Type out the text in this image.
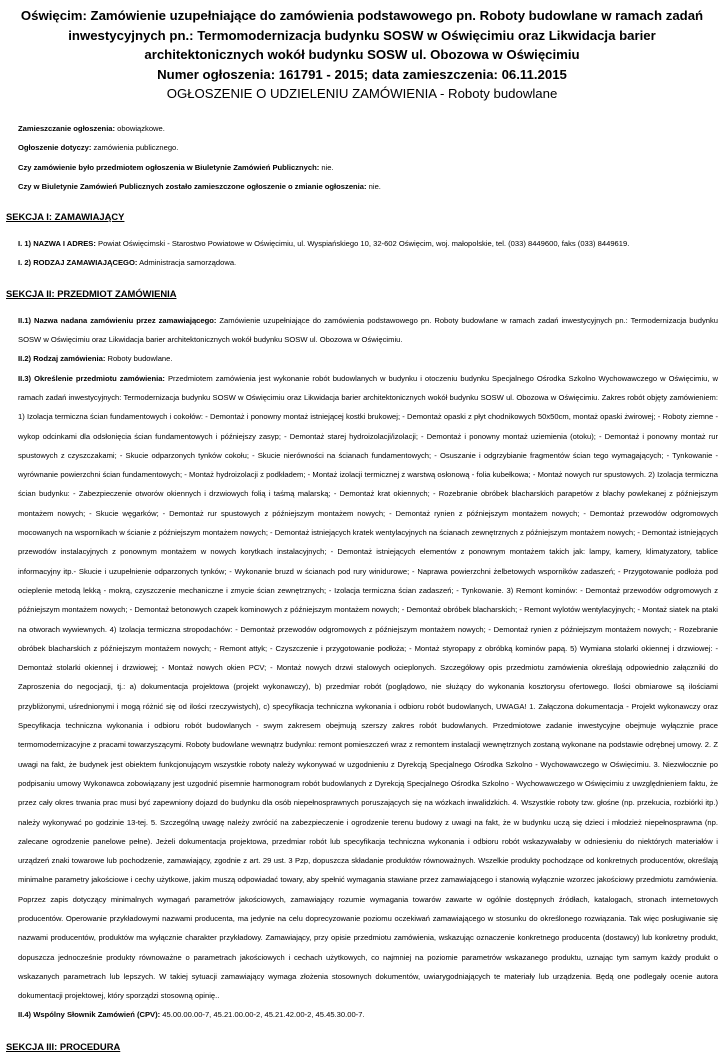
Oświęcim: Zamówienie uzupełniające do zamówienia podstawowego pn. Roboty budowlane w ramach zadań inwestycyjnych pn.: Termomodernizacja budynku SOSW w Oświęcimiu oraz Likwidacja barier architektonicznych wokół budynku SOSW ul. Obozowa w Oświęcimiu
Numer ogłoszenia: 161791 - 2015; data zamieszczenia: 06.11.2015
OGŁOSZENIE O UDZIELENIU ZAMÓWIENIA - Roboty budowlane
Zamieszczanie ogłoszenia: obowiązkowe.
Ogłoszenie dotyczy: zamówienia publicznego.
Czy zamówienie było przedmiotem ogłoszenia w Biuletynie Zamówień Publicznych: nie.
Czy w Biuletynie Zamówień Publicznych zostało zamieszczone ogłoszenie o zmianie ogłoszenia: nie.
SEKCJA I: ZAMAWIAJĄCY
I. 1) NAZWA I ADRES: Powiat Oświęcimski - Starostwo Powiatowe w Oświęcimiu, ul. Wyspiańskiego 10, 32-602 Oświęcim, woj. małopolskie, tel. (033) 8449600, faks (033) 8449619.
I. 2) RODZAJ ZAMAWIAJĄCEGO: Administracja samorządowa.
SEKCJA II: PRZEDMIOT ZAMÓWIENIA
II.1) Nazwa nadana zamówieniu przez zamawiającego: Zamówienie uzupełniające do zamówienia podstawowego pn. Roboty budowlane w ramach zadań inwestycyjnych pn.: Termodernizacja budynku SOSW w Oświęcimiu oraz Likwidacja barier architektonicznych wokół budynku SOSW ul. Obozowa w Oświęcimiu.
II.2) Rodzaj zamówienia: Roboty budowlane.
II.3) Określenie przedmiotu zamówienia: Przedmiotem zamówienia jest wykonanie robót budowlanych w budynku i otoczeniu budynku Specjalnego Ośrodka Szkolno Wychowawczego w Oświęcimiu, w ramach zadań inwestycyjnych: Termodernizacja budynku SOSW w Oświęcimiu oraz Likwidacja barier architektonicznych wokół budynku SOSW ul. Obozowa w Oświęcimiu. Zakres robót objęty zamówieniem: 1) Izolacja termiczna ścian fundamentowych i cokołów: - Demontaż i ponowny montaż istniejącej kostki brukowej; - Demontaż opaski z płyt chodnikowych 50x50cm, montaż opaski żwirowej; - Roboty ziemne - wykop odcinkami dla odsłonięcia ścian fundamentowych i późniejszy zasyp; - Demontaż starej hydroizolacji/izolacji; - Demontaż i ponowny montaż uziemienia (otoku); - Demontaż i ponowny montaż rur spustowych z czyszczakami; - Skucie odparzonych tynków cokołu; - Skucie nierówności na ścianach fundamentowych; - Osuszanie i odgrzybianie fragmentów ścian tego wymagających; - Tynkowanie - wyrównanie powierzchni ścian fundamentowych; - Montaż hydroizolacji z podkładem; - Montaż izolacji termicznej z warstwą osłonową - folia kubełkowa; - Montaż nowych rur spustowych. 2) Izolacja termiczna ścian budynku: - Zabezpieczenie otworów okiennych i drzwiowych folią i taśmą malarską; - Demontaż krat okiennych; - Rozebranie obróbek blacharskich parapetów z blachy powlekanej z późniejszym montażem nowych; - Skucie węgarków; - Demontaż rur spustowych z późniejszym montażem nowych; - Demontaż rynien z późniejszym montażem nowych; - Demontaż przewodów odgromowych mocowanych na wspornikach w ścianie z późniejszym montażem nowych; - Demontaż istniejących kratek wentylacyjnych na ścianach zewnętrznych z późniejszym montażem nowych; - Demontaż istniejących przewodów instalacyjnych z ponownym montażem w nowych korytkach instalacyjnych; - Demontaż istniejących elementów z ponownym montażem takich jak: lampy, kamery, klimatyzatory, tablice informacyjny itp.- Skucie i uzupełnienie odparzonych tynków; - Wykonanie bruzd w ścianach pod rury winidurowe; - Naprawa powierzchni żelbetowych wsporników zadaszeń; - Przygotowanie podłoża pod ocieplenie metodą lekką - mokrą, czyszczenie mechaniczne i zmycie ścian zewnętrznych; - Izolacja termiczna ścian zadaszeń; - Tynkowanie. 3) Remont kominów: - Demontaż przewodów odgromowych z późniejszym montażem nowych; - Demontaż betonowych czapek kominowych z późniejszym montażem nowych; - Demontaż obróbek blacharskich; - Remont wylotów wentylacyjnych; - Montaż siatek na ptaki na otworach wywiewnych. 4) Izolacja termiczna stropodachów: - Demontaż przewodów odgromowych z późniejszym montażem nowych; - Demontaż rynien z późniejszym montażem nowych; - Rozebranie obróbek blacharskich z późniejszym montażem nowych; - Remont attyk; - Czyszczenie i przygotowanie podłoża; - Montaż styropapy z obróbką kominów papą. 5) Wymiana stolarki okiennej i drzwiowej: - Demontaż stolarki okiennej i drzwiowej; - Montaż nowych okien PCV; - Montaż nowych drzwi stalowych ocieplonych. Szczegółowy opis przedmiotu zamówienia określają odpowiednio załączniki do Zaproszenia do negocjacji, tj.: a) dokumentacja projektowa (projekt wykonawczy), b) przedmiar robót (poglądowo, nie służący do wykonania kosztorysu ofertowego. Ilości obmiarowe są ilościami przybliżonymi, uśrednionymi i mogą różnić się od ilości rzeczywistych), c) specyfikacja techniczna wykonania i odbioru robót budowlanych, UWAGA! 1. Załączona dokumentacja - Projekt wykonawczy oraz Specyfikacja techniczna wykonania i odbioru robót budowlanych - swym zakresem obejmują szerszy zakres robót budowlanych. Przedmiotowe zadanie inwestycyjne obejmuje wyłącznie prace termomodernizacyjne z pracami towarzyszącymi. Roboty budowlane wewnątrz budynku: remont pomieszczeń wraz z remontem instalacji wewnętrznych zostaną wykonane na podstawie odrębnej umowy. 2. Z uwagi na fakt, że budynek jest obiektem funkcjonującym wszystkie roboty należy wykonywać w uzgodnieniu z Dyrekcją Specjalnego Ośrodka Szkolno - Wychowawczego w Oświęcimiu. 3. Niezwłocznie po podpisaniu umowy Wykonawca zobowiązany jest uzgodnić pisemnie harmonogram robót budowlanych z Dyrekcją Specjalnego Ośrodka Szkolno - Wychowawczego w Oświęcimiu z uwzględnieniem faktu, że przez cały okres trwania prac musi być zapewniony dojazd do budynku dla osób niepełnosprawnych poruszających się na wózkach inwalidzkich. 4. Wszystkie roboty tzw. głośne (np. przekucia, rozbiórki itp.) należy wykonywać po godzinie 13-tej. 5. Szczególną uwagę należy zwrócić na zabezpieczenie i ogrodzenie terenu budowy z uwagi na fakt, że w budynku uczą się dzieci i młodzież niepełnosprawna (np. zalecane ogrodzenie panelowe pełne). Jeżeli dokumentacja projektowa, przedmiar robót lub specyfikacja techniczna wykonania i odbioru robót wskazywałaby w odniesieniu do niektórych materiałów i urządzeń znaki towarowe lub pochodzenie, zamawiający, zgodnie z art. 29 ust. 3 Pzp, dopuszcza składanie produktów równoważnych. Wszelkie produkty pochodzące od konkretnych producentów, określają minimalne parametry jakościowe i cechy użytkowe, jakim muszą odpowiadać towary, aby spełnić wymagania stawiane przez zamawiającego i stanowią wyłącznie wzorzec jakościowy przedmiotu zamówienia. Poprzez zapis dotyczący minimalnych wymagań parametrów jakościowych, zamawiający rozumie wymagania towarów zawarte w ogólnie dostępnych źródłach, katalogach, stronach internetowych producentów. Operowanie przykładowymi nazwami producenta, ma jedynie na celu doprecyzowanie poziomu oczekiwań zamawiającego w stosunku do określonego rozwiązania. Tak więc posługiwanie się nazwami producentów, produktów ma wyłącznie charakter przykładowy. Zamawiający, przy opisie przedmiotu zamówienia, wskazując oznaczenie konkretnego producenta (dostawcy) lub konkretny produkt, dopuszcza jednocześnie produkty równoważne o parametrach jakościowych i cechach użytkowych, co najmniej na poziomie parametrów wskazanego produktu, uznając tym samym każdy produkt o wskazanych parametrach lub lepszych. W takiej sytuacji zamawiający wymaga złożenia stosownych dokumentów, uwiarygodniających te materiały lub urządzenia. Będą one podlegały ocenie autora dokumentacji projektowej, który sporządzi stosowną opinię..
II.4) Wspólny Słownik Zamówień (CPV): 45.00.00.00-7, 45.21.00.00-2, 45.21.42.00-2, 45.45.30.00-7.
SEKCJA III: PROCEDURA
